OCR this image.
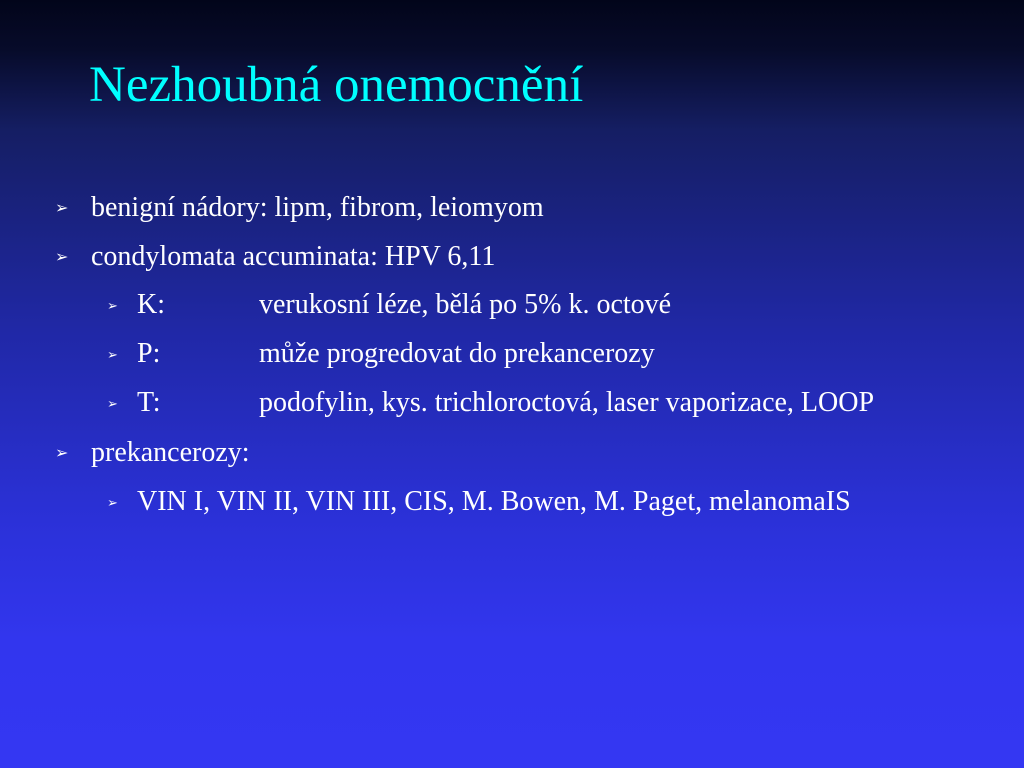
Nezhoubná onemocnění
➢ benigní nádory: lipm, fibrom, leiomyom
➢ condylomata accuminata: HPV 6,11
➢ K:	verukosní léze, bělá po 5% k. octové
➢ P:	může progredovat do prekancerozy
➢ T:	podofylin, kys. trichloroctová, laser vaporizace, LOOP
➢ prekancerozy:
➢ VIN I, VIN II, VIN III, CIS, M. Bowen, M. Paget, melanomaIS
